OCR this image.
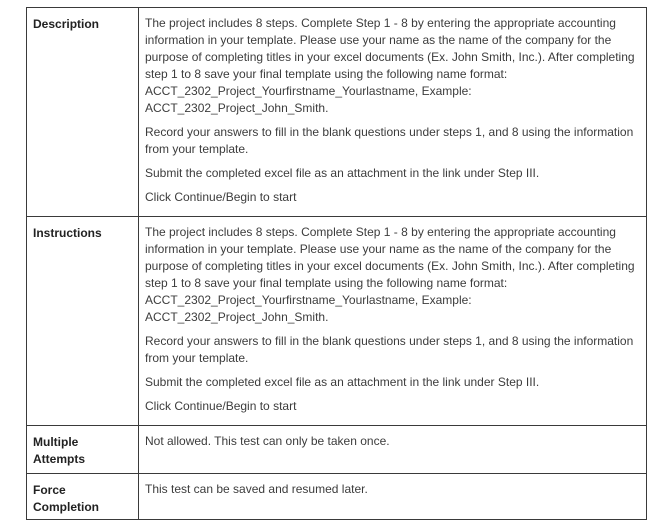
Description	The project includes 8 steps. Complete Step 1 - 8 by entering the appropriate accounting information in your template. Please use your name as the name of the company for the purpose of completing titles in your excel documents (Ex. John Smith, Inc.). After completing step 1 to 8 save your final template using the following name format: ACCT_2302_Project_Yourfirstname_Yourlastname, Example: ACCT_2302_Project_John_Smith.

Record your answers to fill in the blank questions under steps 1, and 8 using the information from your template.

Submit the completed excel file as an attachment in the link under Step III.

Click Continue/Begin to start

Instructions	The project includes 8 steps. Complete Step 1 - 8 by entering the appropriate accounting information in your template. Please use your name as the name of the company for the purpose of completing titles in your excel documents (Ex. John Smith, Inc.). After completing step 1 to 8 save your final template using the following name format: ACCT_2302_Project_Yourfirstname_Yourlastname, Example: ACCT_2302_Project_John_Smith.

Record your answers to fill in the blank questions under steps 1, and 8 using the information from your template.

Submit the completed excel file as an attachment in the link under Step III.

Click Continue/Begin to start

Multiple Attempts	Not allowed. This test can only be taken once.
Force Completion	This test can be saved and resumed later.
